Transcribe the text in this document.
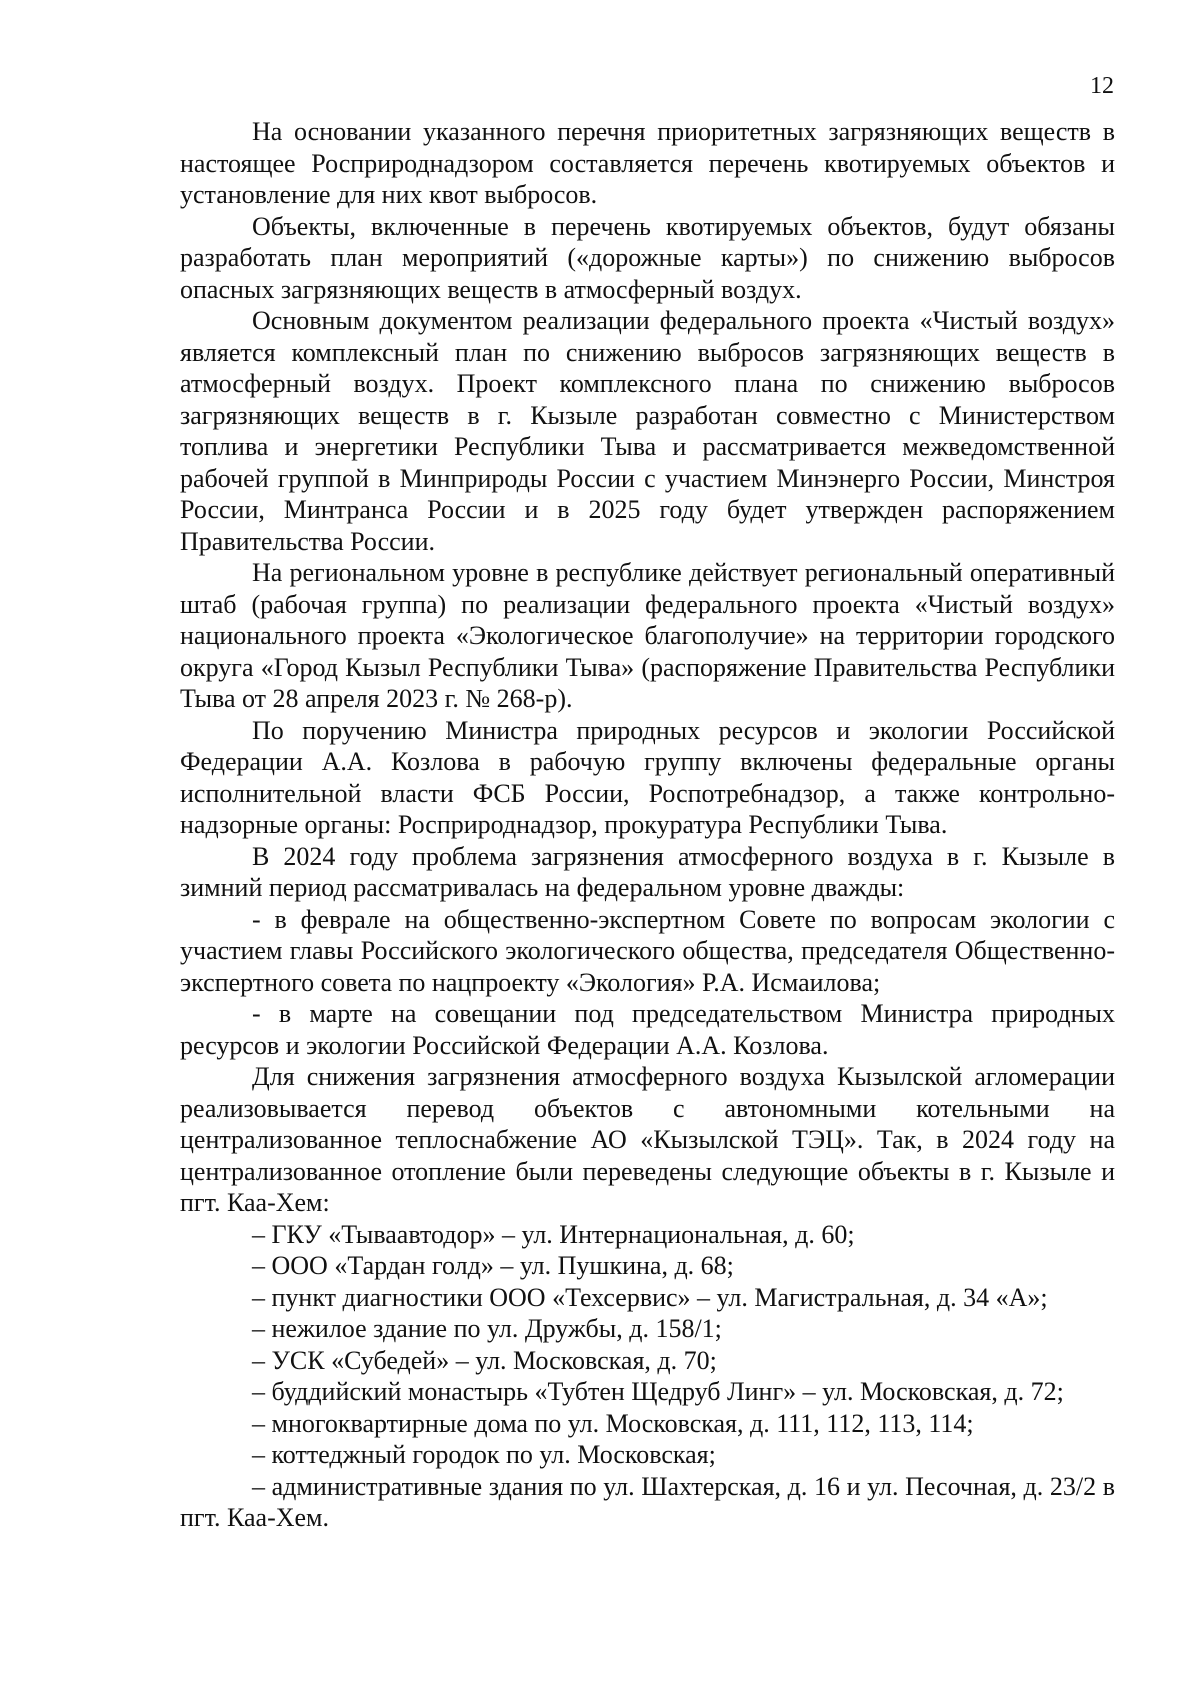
12

На основании указанного перечня приоритетных загрязняющих веществ в настоящее Росприроднадзором составляется перечень квотируемых объектов и установление для них квот выбросов.

Объекты, включенные в перечень квотируемых объектов, будут обязаны разработать план мероприятий («дорожные карты») по снижению выбросов опасных загрязняющих веществ в атмосферный воздух.

Основным документом реализации федерального проекта «Чистый воздух» является комплексный план по снижению выбросов загрязняющих веществ в атмосферный воздух. Проект комплексного плана по снижению выбросов загрязняющих веществ в г. Кызыле разработан совместно с Министерством топлива и энергетики Республики Тыва и рассматривается межведомственной рабочей группой в Минприроды России с участием Минэнерго России, Минстроя России, Минтранса России и в 2025 году будет утвержден распоряжением Правительства России.

На региональном уровне в республике действует региональный оперативный штаб (рабочая группа) по реализации федерального проекта «Чистый воздух» национального проекта «Экологическое благополучие» на территории городского округа «Город Кызыл Республики Тыва» (распоряжение Правительства Республики Тыва от 28 апреля 2023 г. № 268-р).

По поручению Министра природных ресурсов и экологии Российской Федерации А.А. Козлова в рабочую группу включены федеральные органы исполнительной власти ФСБ России, Роспотребнадзор, а также контрольно-надзорные органы: Росприроднадзор, прокуратура Республики Тыва.

В 2024 году проблема загрязнения атмосферного воздуха в г. Кызыле в зимний период рассматривалась на федеральном уровне дважды:

- в феврале на общественно-экспертном Совете по вопросам экологии с участием главы Российского экологического общества, председателя Общественно-экспертного совета по нацпроекту «Экология» Р.А. Исмаилова;

- в марте на совещании под председательством Министра природных ресурсов и экологии Российской Федерации А.А. Козлова.

Для снижения загрязнения атмосферного воздуха Кызылской агломерации реализовывается перевод объектов с автономными котельными на централизованное теплоснабжение АО «Кызылской ТЭЦ». Так, в 2024 году на централизованное отопление были переведены следующие объекты в г. Кызыле и пгт. Каа-Хем:

– ГКУ «Тываавтодор» – ул. Интернациональная, д. 60;

– ООО «Тардан голд» – ул. Пушкина, д. 68;

– пункт диагностики ООО «Техсервис» – ул. Магистральная, д. 34 «А»;

– нежилое здание по ул. Дружбы, д. 158/1;

– УСК «Субедей» – ул. Московская, д. 70;

– буддийский монастырь «Тубтен Щедруб Линг» – ул. Московская, д. 72;

– многоквартирные дома по ул. Московская, д. 111, 112, 113, 114;

– коттеджный городок по ул. Московская;

– административные здания по ул. Шахтерская, д. 16 и ул. Песочная, д. 23/2 в пгт. Каа-Хем.
